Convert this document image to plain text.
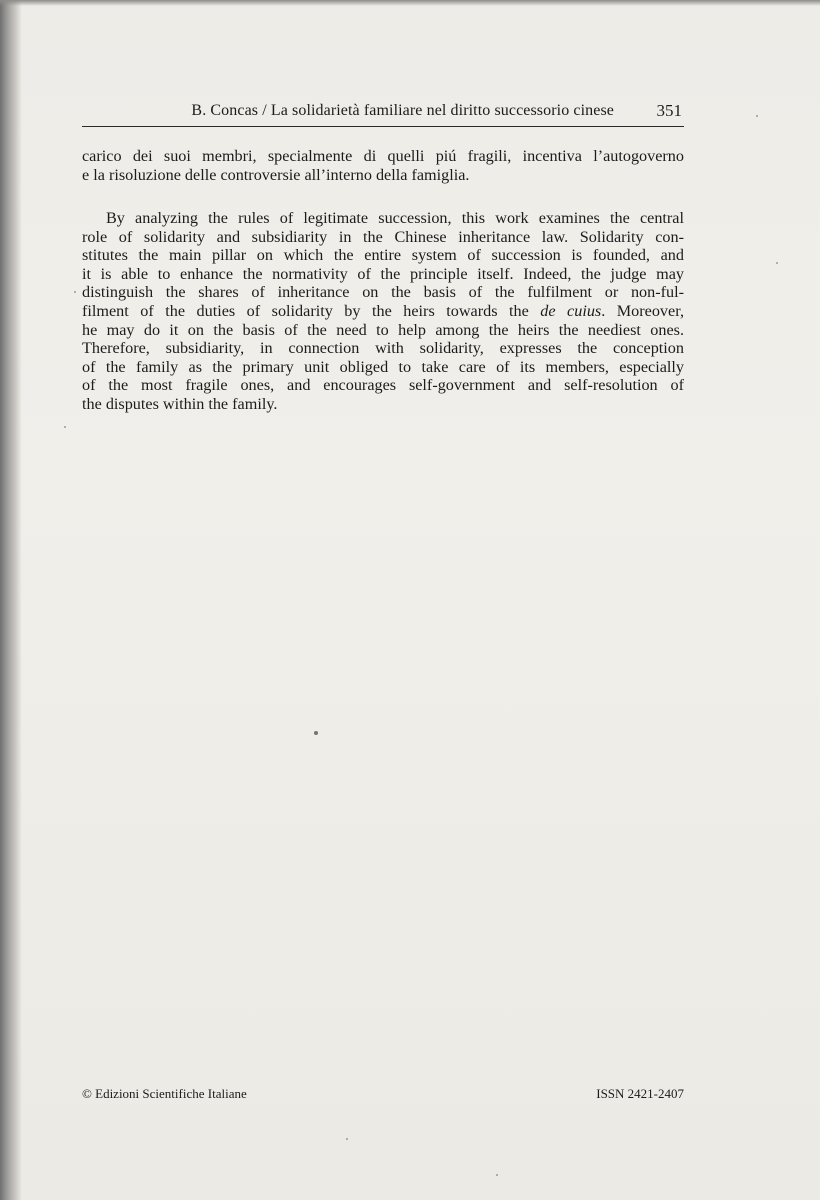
B. Concas / La solidarietà familiare nel diritto successorio cinese	351
carico dei suoi membri, specialmente di quelli piú fragili, incentiva l’autogoverno
e la risoluzione delle controversie all’interno della famiglia.
By analyzing the rules of legitimate succession, this work examines the central
role of solidarity and subsidiarity in the Chinese inheritance law. Solidarity con-
stitutes the main pillar on which the entire system of succession is founded, and
it is able to enhance the normativity of the principle itself. Indeed, the judge may
distinguish the shares of inheritance on the basis of the fulfilment or non-ful-
filment of the duties of solidarity by the heirs towards the de cuius. Moreover,
he may do it on the basis of the need to help among the heirs the neediest ones.
Therefore, subsidiarity, in connection with solidarity, expresses the conception
of the family as the primary unit obliged to take care of its members, especially
of the most fragile ones, and encourages self-government and self-resolution of
the disputes within the family.
© Edizioni Scientifiche Italiane	ISSN 2421-2407
